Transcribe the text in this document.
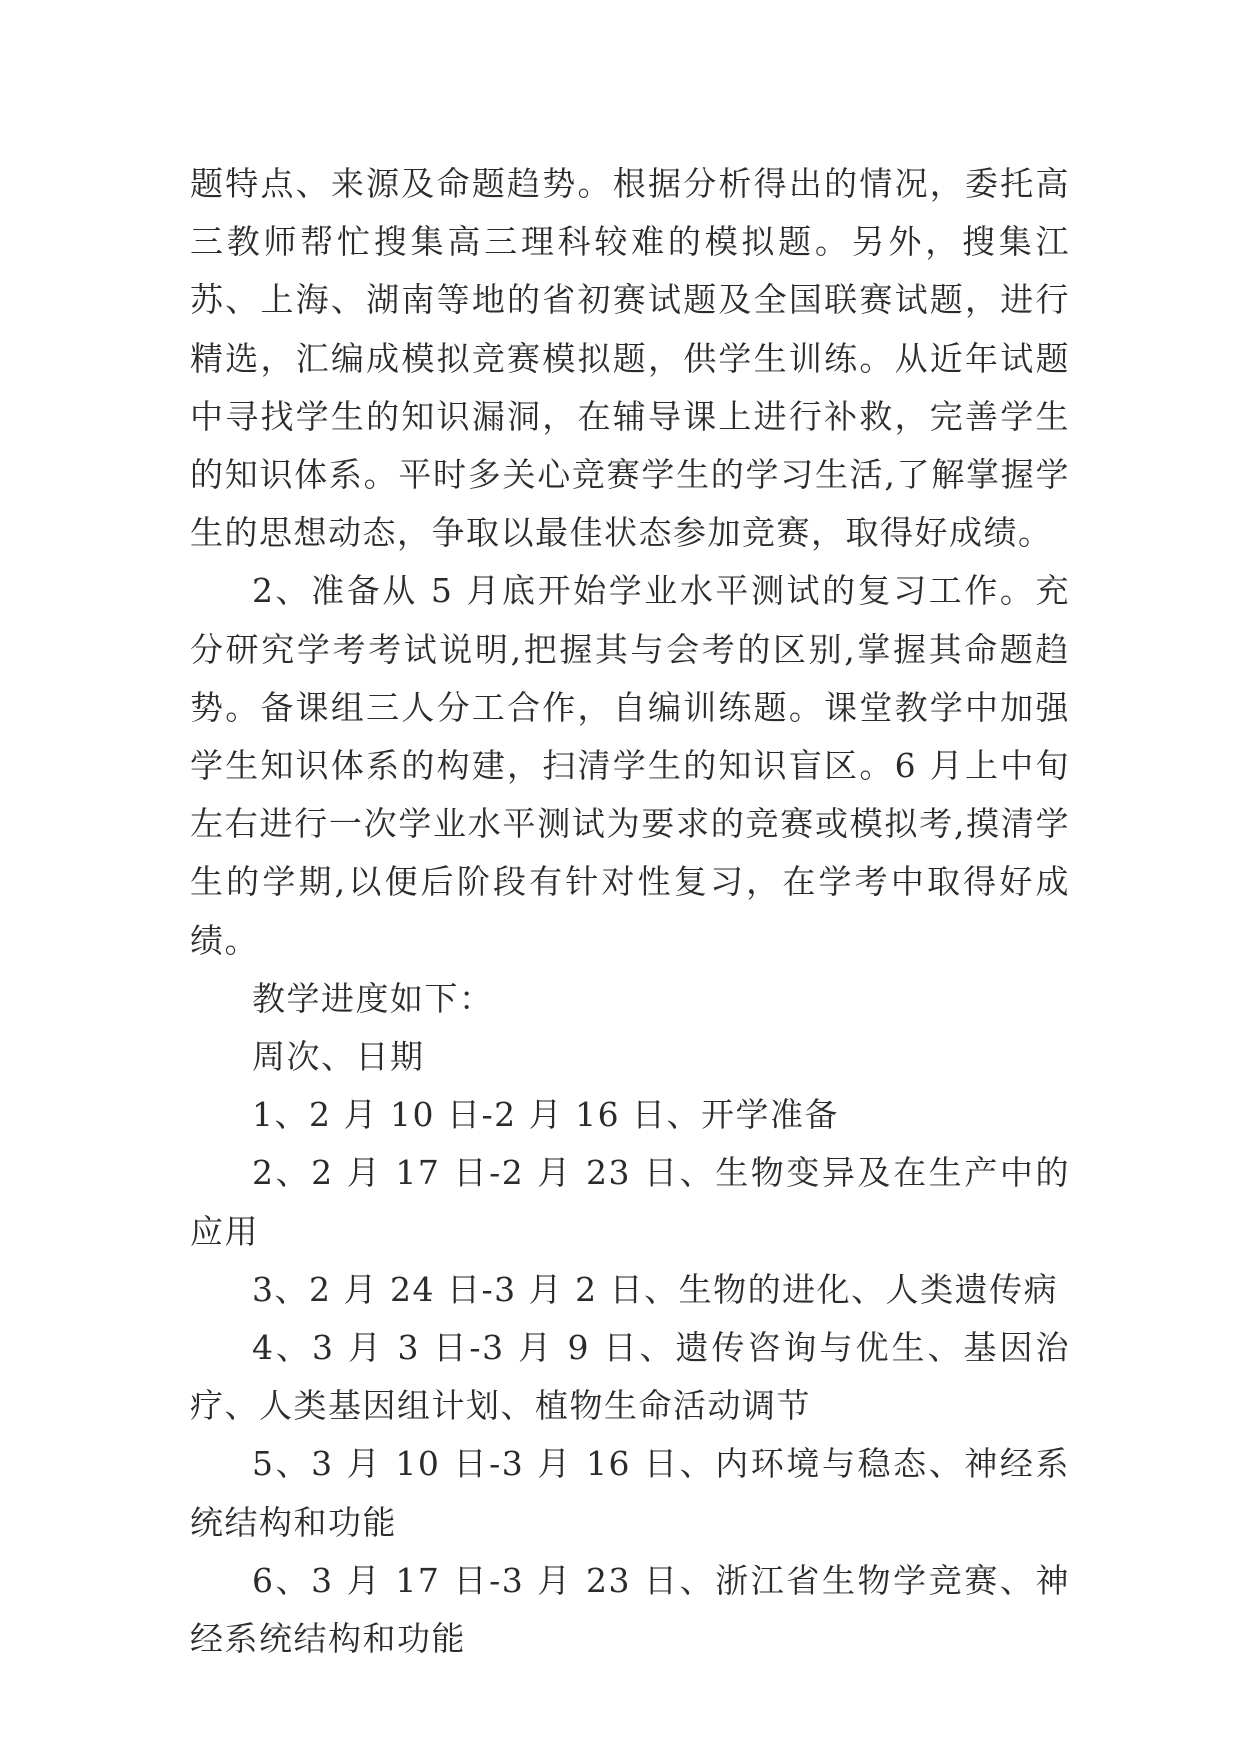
题特点、来源及命题趋势。根据分析得出的情况，委托高三教师帮忙搜集高三理科较难的模拟题。另外，搜集江苏、上海、湖南等地的省初赛试题及全国联赛试题，进行精选，汇编成模拟竞赛模拟题，供学生训练。从近年试题中寻找学生的知识漏洞，在辅导课上进行补救，完善学生的知识体系。平时多关心竞赛学生的学习生活,了解掌握学生的思想动态，争取以最佳状态参加竞赛，取得好成绩。

2、准备从 5 月底开始学业水平测试的复习工作。充分研究学考考试说明,把握其与会考的区别,掌握其命题趋势。备课组三人分工合作，自编训练题。课堂教学中加强学生知识体系的构建，扫清学生的知识盲区。6 月上中旬左右进行一次学业水平测试为要求的竞赛或模拟考,摸清学生的学期,以便后阶段有针对性复习，在学考中取得好成绩。

教学进度如下：

周次、日期

1、2 月 10 日-2 月 16 日、开学准备

2、2 月 17 日-2 月 23 日、生物变异及在生产中的应用

3、2 月 24 日-3 月 2 日、生物的进化、人类遗传病

4、3 月 3 日-3 月 9 日、遗传咨询与优生、基因治疗、人类基因组计划、植物生命活动调节

5、3 月 10 日-3 月 16 日、内环境与稳态、神经系统结构和功能

6、3 月 17 日-3 月 23 日、浙江省生物学竞赛、神经系统结构和功能
